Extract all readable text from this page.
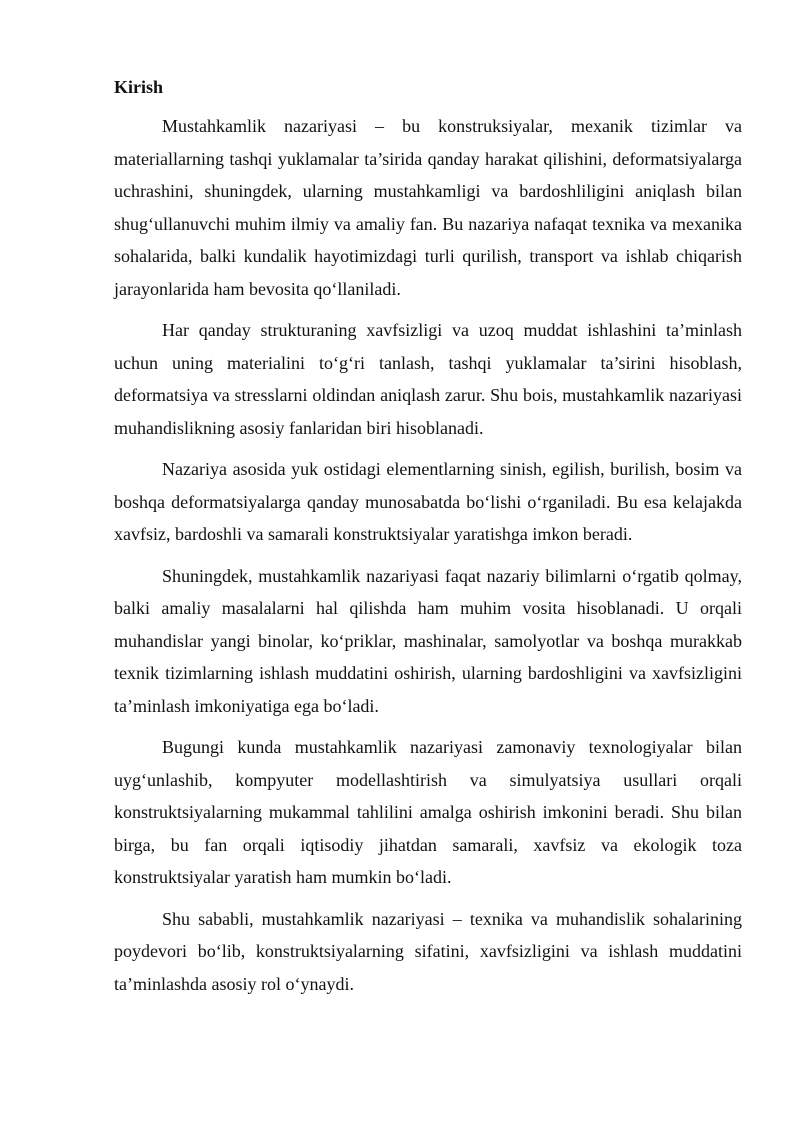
Kirish

Mustahkamlik nazariyasi – bu konstruksiyalar, mexanik tizimlar va materiallarning tashqi yuklamalar ta’sirida qanday harakat qilishini, deformatsiyalarga uchrashini, shuningdek, ularning mustahkamligi va bardoshliligini aniqlash bilan shug‘ullanuvchi muhim ilmiy va amaliy fan. Bu nazariya nafaqat texnika va mexanika sohalarida, balki kundalik hayotimizdagi turli qurilish, transport va ishlab chiqarish jarayonlarida ham bevosita qo‘llaniladi.

Har qanday strukturaning xavfsizligi va uzoq muddat ishlashini ta’minlash uchun uning materialini to‘g‘ri tanlash, tashqi yuklamalar ta’sirini hisoblash, deformatsiya va stresslarni oldindan aniqlash zarur. Shu bois, mustahkamlik nazariyasi muhandislikning asosiy fanlaridan biri hisoblanadi.

Nazariya asosida yuk ostidagi elementlarning sinish, egilish, burilish, bosim va boshqa deformatsiyalarga qanday munosabatda bo‘lishi o‘rganiladi. Bu esa kelajakda xavfsiz, bardoshli va samarali konstruktsiyalar yaratishga imkon beradi.

Shuningdek, mustahkamlik nazariyasi faqat nazariy bilimlarni o‘rgatib qolmay, balki amaliy masalalarni hal qilishda ham muhim vosita hisoblanadi. U orqali muhandislar yangi binolar, ko‘priklar, mashinalar, samolyotlar va boshqa murakkab texnik tizimlarning ishlash muddatini oshirish, ularning bardoshligini va xavfsizligini ta’minlash imkoniyatiga ega bo‘ladi.

Bugungi kunda mustahkamlik nazariyasi zamonaviy texnologiyalar bilan uyg‘unlashib, kompyuter modellashtirish va simulyatsiya usullari orqali konstruktsiyalarning mukammal tahlilini amalga oshirish imkonini beradi. Shu bilan birga, bu fan orqali iqtisodiy jihatdan samarali, xavfsiz va ekologik toza konstruktsiyalar yaratish ham mumkin bo‘ladi.

Shu sababli, mustahkamlik nazariyasi – texnika va muhandislik sohalarining poydevori bo‘lib, konstruktsiyalarning sifatini, xavfsizligini va ishlash muddatini ta’minlashda asosiy rol o‘ynaydi.
